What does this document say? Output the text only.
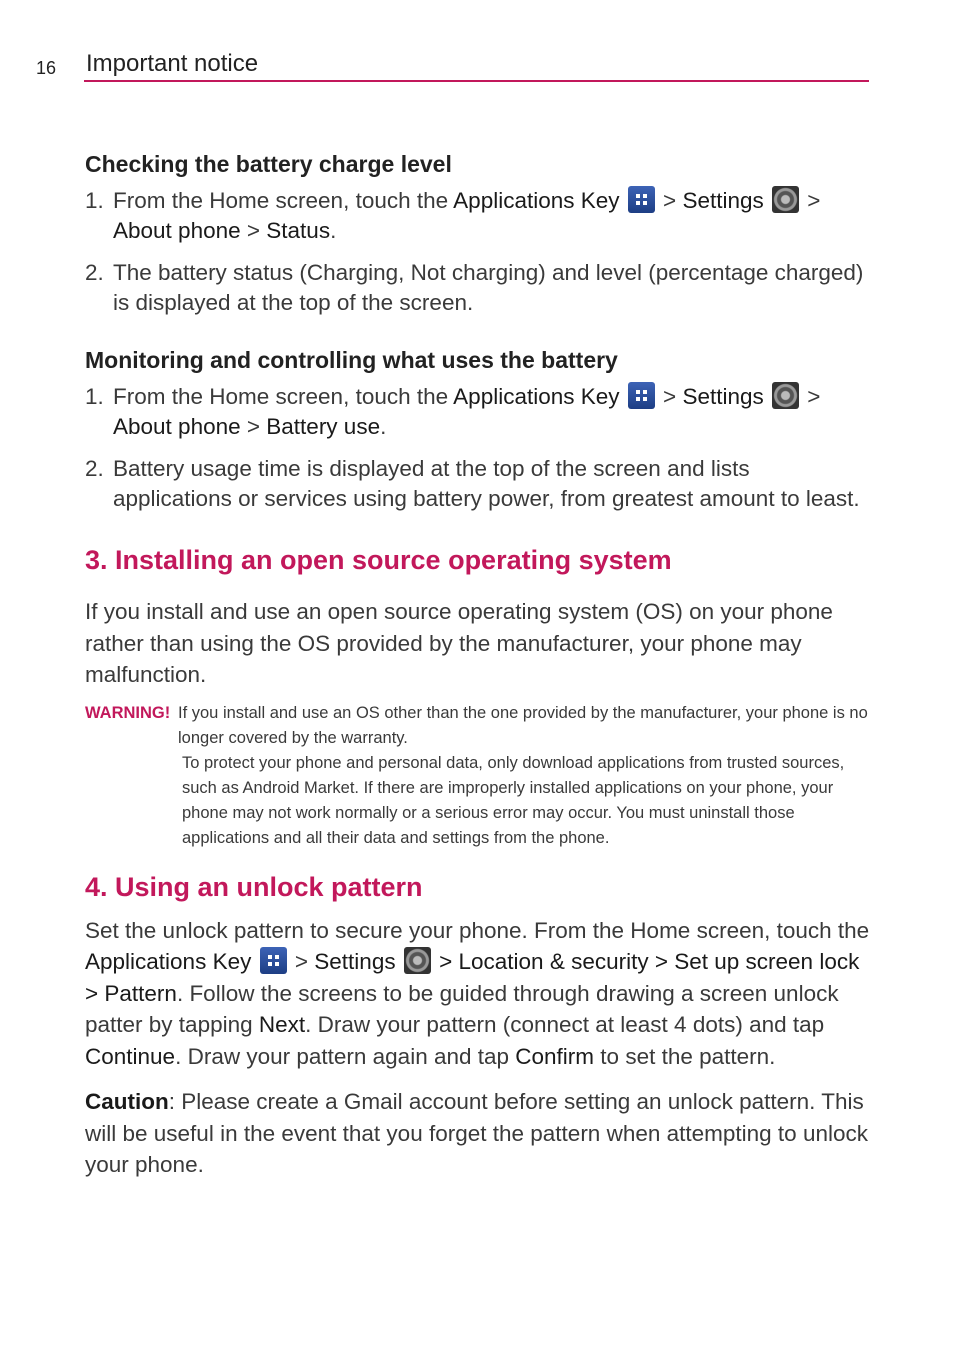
16 Important notice
Checking the battery charge level
1. From the Home screen, touch the Applications Key  > Settings  > About phone > Status.
2. The battery status (Charging, Not charging) and level (percentage charged) is displayed at the top of the screen.
Monitoring and controlling what uses the battery
1. From the Home screen, touch the Applications Key  > Settings  > About phone > Battery use.
2. Battery usage time is displayed at the top of the screen and lists applications or services using battery power, from greatest amount to least.
3. Installing an open source operating system
If you install and use an open source operating system (OS) on your phone rather than using the OS provided by the manufacturer, your phone may malfunction.
WARNING! If you install and use an OS other than the one provided by the manufacturer, your phone is no longer covered by the warranty.
To protect your phone and personal data, only download applications from trusted sources, such as Android Market. If there are improperly installed applications on your phone, your phone may not work normally or a serious error may occur. You must uninstall those applications and all their data and settings from the phone.
4. Using an unlock pattern
Set the unlock pattern to secure your phone. From the Home screen, touch the Applications Key  > Settings  > Location & security > Set up screen lock > Pattern. Follow the screens to be guided through drawing a screen unlock patter by tapping Next. Draw your pattern (connect at least 4 dots) and tap Continue. Draw your pattern again and tap Confirm to set the pattern.
Caution: Please create a Gmail account before setting an unlock pattern. This will be useful in the event that you forget the pattern when attempting to unlock your phone.
